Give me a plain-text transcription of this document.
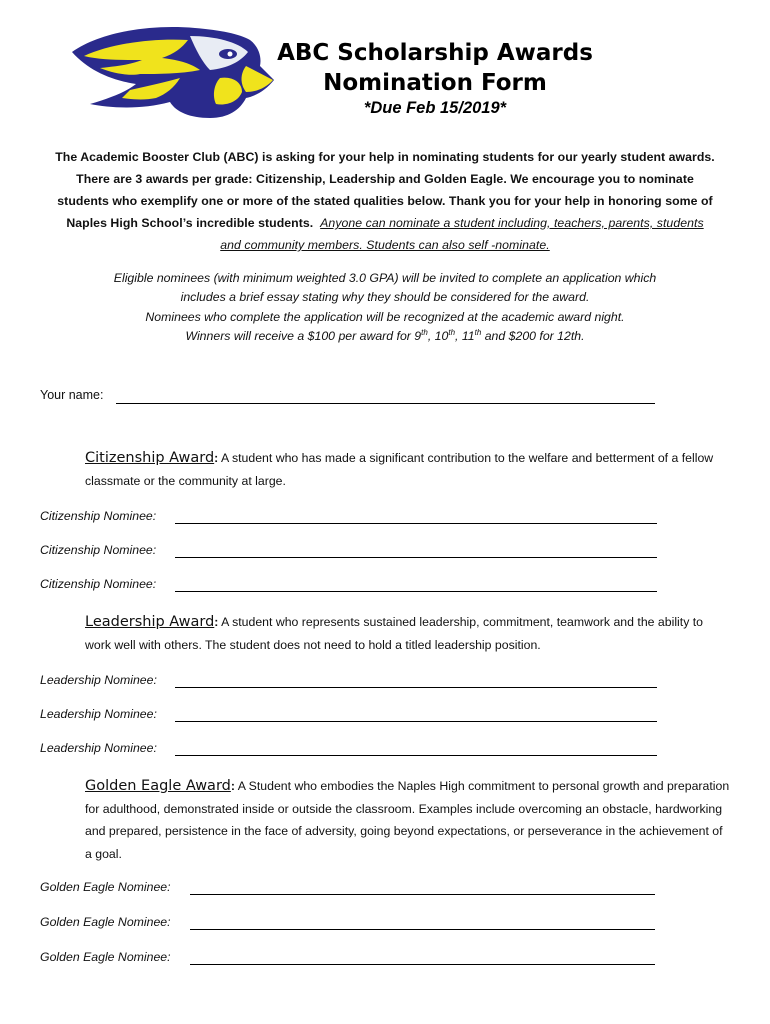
ABC Scholarship Awards
Nomination Form
*Due Feb 15/2019*
The Academic Booster Club (ABC) is asking for your help in nominating students for our yearly student awards. There are 3 awards per grade: Citizenship, Leadership and Golden Eagle. We encourage you to nominate students who exemplify one or more of the stated qualities below. Thank you for your help in honoring some of Naples High School’s incredible students. Anyone can nominate a student including, teachers, parents, students and community members. Students can also self -nominate.
Eligible nominees (with minimum weighted 3.0 GPA) will be invited to complete an application which
includes a brief essay stating why they should be considered for the award.
Nominees who complete the application will be recognized at the academic award night.
Winners will receive a $100 per award for 9th, 10th, 11th and $200 for 12th.
Your name:
Citizenship Award: A student who has made a significant contribution to the welfare and betterment of a fellow classmate or the community at large.
Citizenship Nominee:
Citizenship Nominee:
Citizenship Nominee:
Leadership Award: A student who represents sustained leadership, commitment, teamwork and the ability to work well with others. The student does not need to hold a titled leadership position.
Leadership Nominee:
Leadership Nominee:
Leadership Nominee:
Golden Eagle Award: A Student who embodies the Naples High commitment to personal growth and preparation for adulthood, demonstrated inside or outside the classroom. Examples include overcoming an obstacle, hardworking and prepared, persistence in the face of adversity, going beyond expectations, or perseverance in the achievement of a goal.
Golden Eagle Nominee:
Golden Eagle Nominee:
Golden Eagle Nominee:
